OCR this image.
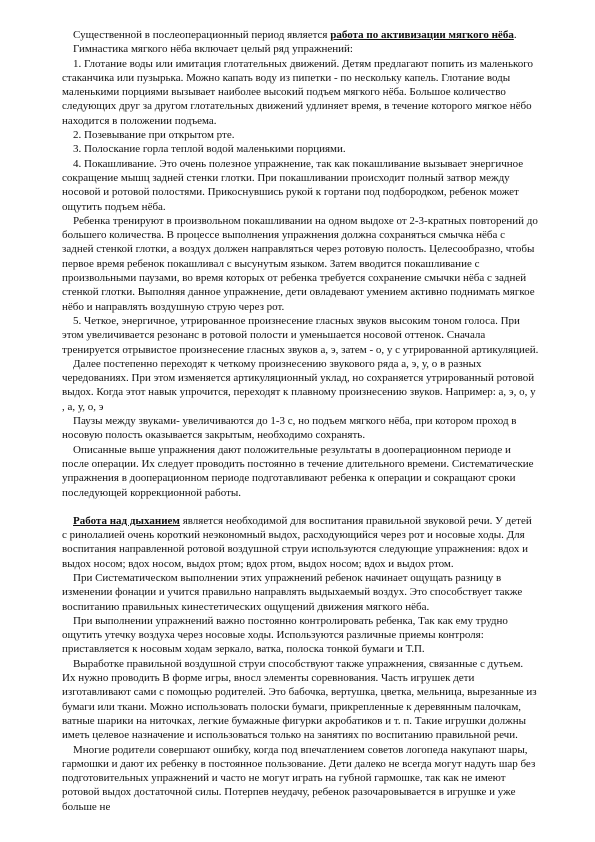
Существенной в послеоперационный период является работа по активизации мягкого нёба.

Гимнастика мягкого нёба включает целый ряд упражнений:

1. Глотание воды или имитация глотательных движений. Детям предлагают попить из маленького стаканчика или пузырька. Можно капать воду из пипетки - по нескольку капель. Глотание воды маленькими порциями вызывает наиболее высокий подъем мягкого нёба. Большое количество следующих друг за другом глотательных движений удлиняет время, в течение которого мягкое нёбо находится в положении подъема.

2. Позевывание при открытом рте.

3. Полоскание горла теплой водой маленькими порциями.

4. Покашливание. Это очень полезное упражнение, так как покашливание вызывает энергичное сокращение мышц задней стенки глотки. При покашливании происходит полный затвор между носовой и ротовой полостями. Прикоснувшись рукой к гортани под подбородком, ребенок может ощутить подъем нёба.

Ребенка тренируют в произвольном покашливании на одном выдохе от 2-3-кратных повторений до большего количества. В процессе выполнения упражнения должна сохраняться смычка нёба с задней стенкой глотки, а воздух должен направляться через ротовую полость. Целесообразно, чтобы первое время ребенок покашливал с высунутым языком. Затем вводится покашливание с произвольными паузами, во время которых от ребенка требуется сохранение смычки нёба с задней стенкой глотки. Выполняя данное упражнение, дети овладевают умением активно поднимать мягкое нёбо и направлять воздушную струю через рот.

5. Четкое, энергичное, утрированное произнесение гласных звуков высоким тоном голоса. При этом увеличивается резонанс в ротовой полости и уменьшается носовой оттенок. Сначала тренируется отрывистое произнесение гласных звуков а, э, затем - о, у с утрированной артикуляцией.

Далее постепенно переходят к четкому произнесению звукового ряда а, э, у, о в разных чередованиях. При этом изменяется артикуляционный уклад, но сохраняется утрированный ротовой выдох. Когда этот навык упрочится, переходят к плавному произнесению звуков. Например: а, э, о, у , а, у, о, э

Паузы между звуками- увеличиваются до 1-3 с, но подъем мягкого нёба, при котором проход в носовую полость оказывается закрытым, необходимо сохранять.

Описанные выше упражнения дают положительные результаты в дооперационном периоде и после операции. Их следует проводить постоянно в течение длительного времени. Систематические упражнения в дооперационном периоде подготавливают ребенка к операции и сокращают сроки последующей коррекционной работы.

Работа над дыханием является необходимой для воспитания правильной звуковой речи. У детей с ринолалией очень короткий неэкономный выдох, расходующийся через рот и носовые ходы. Для воспитания направленной ротовой воздушной струи используются следующие упражнения: вдох и выдох носом; вдох носом, выдох ртом; вдох ртом, выдох носом; вдох и выдох ртом.

При Систематическом выполнении этих упражнений ребенок начинает ощущать разницу в изменении фонации и учится правильно направлять выдыхаемый воздух. Это способствует также воспитанию правильных кинестетических ощущений движения мягкого нёба.

При выполнении упражнений важно постоянно контролировать ребенка, Так как ему трудно ощутить утечку воздуха через носовые ходы. Используются различные приемы контроля: приставляется к носовым ходам зеркало, ватка, полоска тонкой бумаги и Т.П.

Выработке правильной воздушной струи способствуют также упражнения, связанные с дутьем. Их нужно проводить В форме игры, вносл элементы соревнования. Часть игрушек дети изготавливают сами с помощью родителей. Это бабочка, вертушка, цветка, мельница, вырезанные из бумаги или ткани. Можно использовать полоски бумаги, прикрепленные к деревянным палочкам, ватные шарики на ниточках, легкие бумажные фигурки акробатиков и т. п. Такие игрушки должны иметь целевое назначение и использоваться только на занятиях по воспитанию правильной речи.

Многие родители совершают ошибку, когда под впечатлением советов логопеда накупают шары, гармошки и дают их ребенку в постоянное пользование. Дети далеко не всегда могут надуть шар без подготовительных упражнений и часто не могут играть на губной гармошке, так как не имеют ротовой выдох достаточной силы. Потерпев неудачу, ребенок разочаровывается в игрушке и уже больше не
